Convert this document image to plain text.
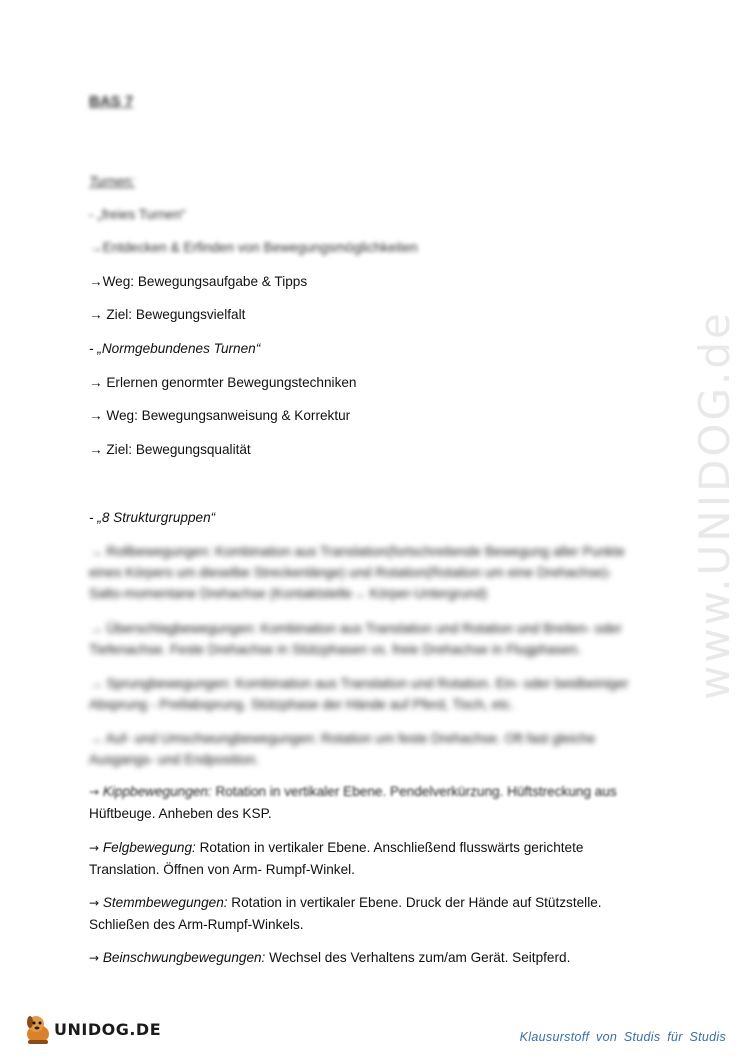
BAS 7
Turnen:
- „freies Turnen“
→Entdecken & Erfinden von Bewegungsmöglichkeiten
→Weg: Bewegungsaufgabe & Tipps
→ Ziel: Bewegungsvielfalt
- „Normgebundenes Turnen“
→ Erlernen genormter Bewegungstechniken
→ Weg: Bewegungsanweisung & Korrektur
→ Ziel: Bewegungsqualität
- „8 Strukturgruppen“
→ Rollbewegungen: Kombination aus Translation(fortschreitende Bewegung aller Punkte eines Körpers um dieselbe Streckenlänge) und Rotation(Rotation um eine Drehachse)- Salto-momentane Drehachse (Kontaktstelle→ Körper-Untergrund)
→ Überschlagbewegungen: Kombination aus Translation und Rotation und Breiten- oder Tiefenachse. Feste Drehachse in Stützphasen vs. freie Drehachse in Flugphasen.
→ Sprungbewegungen: Kombination aus Translation und Rotation. Ein- oder beidbeiniger Absprung - Prellabsprung. Stützphase der Hände auf Pferd, Tisch, etc.
→ Auf- und Umschwungbewegungen: Rotation um feste Drehachse. Oft fast gleiche Ausgangs- und Endposition.
→ Kippbewegungen: Rotation in vertikaler Ebene. Pendelverkürzung. Hüftstreckung aus
Hüftbeuge. Anheben des KSP.
→ Felgbewegung: Rotation in vertikaler Ebene. Anschließend flusswärts gerichtete Translation. Öffnen von Arm- Rumpf-Winkel.
→ Stemmbewegungen: Rotation in vertikaler Ebene. Druck der Hände auf Stützstelle. Schließen des Arm-Rumpf-Winkels.
→ Beinschwungbewegungen: Wechsel des Verhaltens zum/am Gerät. Seitpferd.
www.UNIDOG.de
UNIDOG.DE	Klausurstoff von Studis für Studis
